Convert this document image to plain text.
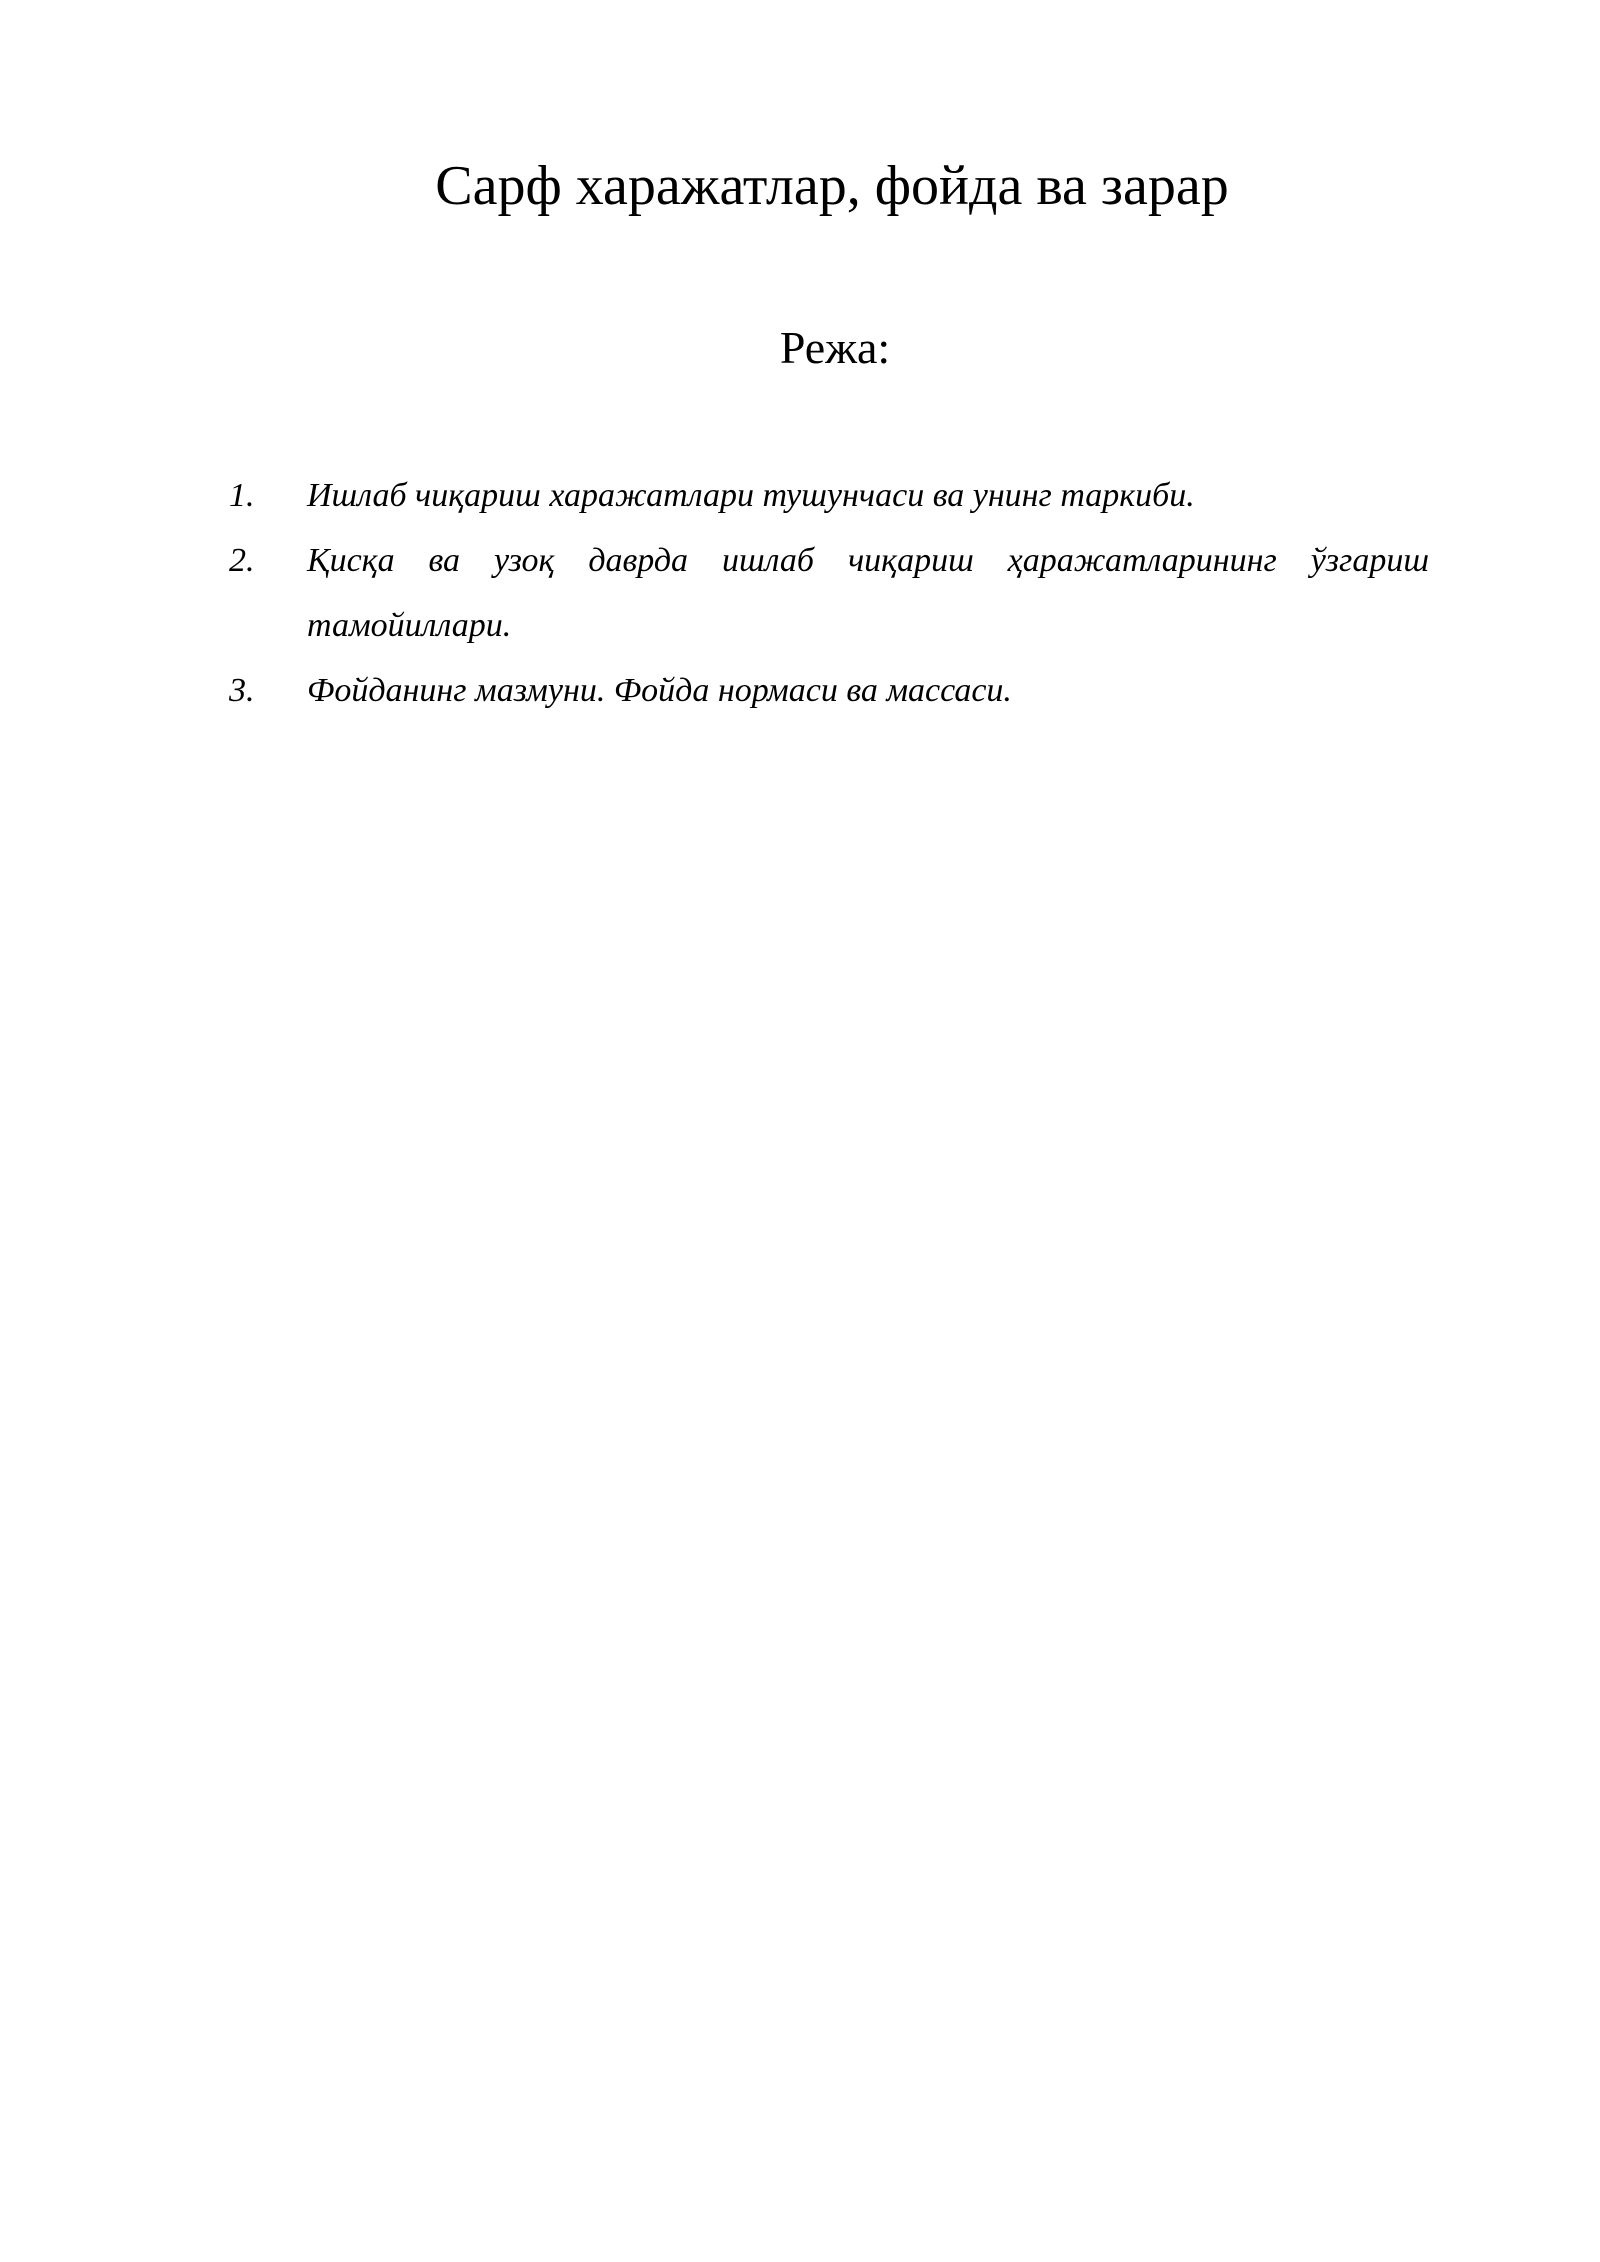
Сарф харажатлар, фойда ва зарар
Режа:
1.	Ишлаб чиқариш харажатлари тушунчаси ва унинг таркиби.
2.	Қисқа ва узоқ даврда ишлаб чиқариш ҳаражатларининг ўзгариш тамойиллари.
3.	Фойданинг мазмуни. Фойда нормаси ва массаси.
